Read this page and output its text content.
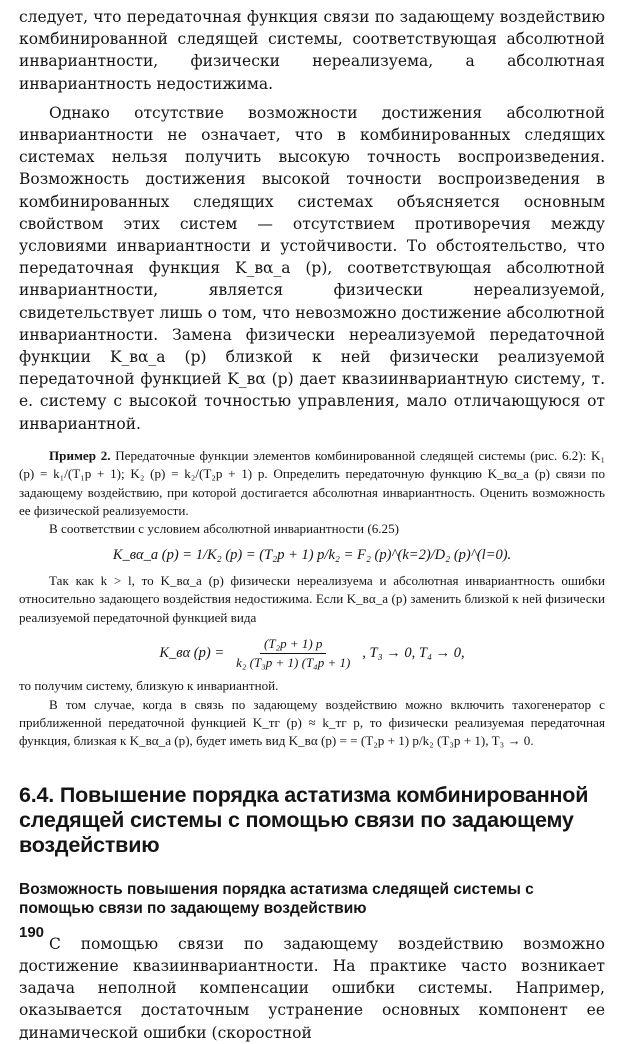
следует, что передаточная функция связи по задающему воздействию комбинированной следящей системы, соответствующая абсолютной инвариантности, физически нереализуема, а абсолютная инвариантность недостижима.

Однако отсутствие возможности достижения абсолютной инвариантности не означает, что в комбинированных следящих системах нельзя получить высокую точность воспроизведения. Возможность достижения высокой точности воспроизведения в комбинированных следящих системах объясняется основным свойством этих систем — отсутствием противоречия между условиями инвариантности и устойчивости. То обстоятельство, что передаточная функция K_вα_a (p), соответствующая абсолютной инвариантности, является физически нереализуемой, свидетельствует лишь о том, что невозможно достижение абсолютной инвариантности. Замена физически нереализуемой передаточной функции K_вα_a (p) близкой к ней физически реализуемой передаточной функцией K_вα (p) дает квазиинвариантную систему, т. е. систему с высокой точностью управления, мало отличающуюся от инвариантной.

Пример 2. Передаточные функции элементов комбинированной следящей системы (рис. 6.2): K₁ (p) = k₁/(T₁p + 1); K₂ (p) = k₂/(T₂p + 1) p. Определить передаточную функцию K_вα_a (p) связи по задающему воздействию, при которой достигается абсолютная инвариантность. Оценить возможность ее физической реализуемости.

В соответствии с условием абсолютной инвариантности (6.25)

K_вα_a (p) = 1/K₂ (p) = (T₂p + 1) p/k₂ = F₂ (p)^(k=2)/D₂ (p)^(l=0).

Так как k > l, то K_вα_a (p) физически нереализуема и абсолютная инвариантность ошибки относительно задающего воздействия недостижима. Если K_вα_a (p) заменить близкой к ней физически реализуемой передаточной функцией вида

K_вα $(p) = \frac{\text{(T₂p + 1) p}}{\text{k₂ (T₃p + 1) (T₄p + 1)}}$ , T₃ → 0, T₄ → 0,

то получим систему, близкую к инвариантной.

В том случае, когда в связь по задающему воздействию можно включить тахогенератор с приближенной передаточной функцией K_тг (p) ≈ k_тг p, то физически реализуемая передаточная функция, близкая к K_вα_a (p), будет иметь вид K_вα (p) = = (T₂p + 1) p/k₂ (T₃p + 1), T₃ → 0.

6.4. Повышение порядка астатизма комбинированной следящей системы с помощью связи по задающему воздействию
Возможность повышения порядка астатизма следящей системы с помощью связи по задающему воздействию

С помощью связи по задающему воздействию возможно достижение квазиинвариантности. На практике часто возникает задача неполной компенсации ошибки системы. Например, оказывается достаточным устранение основных компонент ее динамической ошибки (скоростной

190
